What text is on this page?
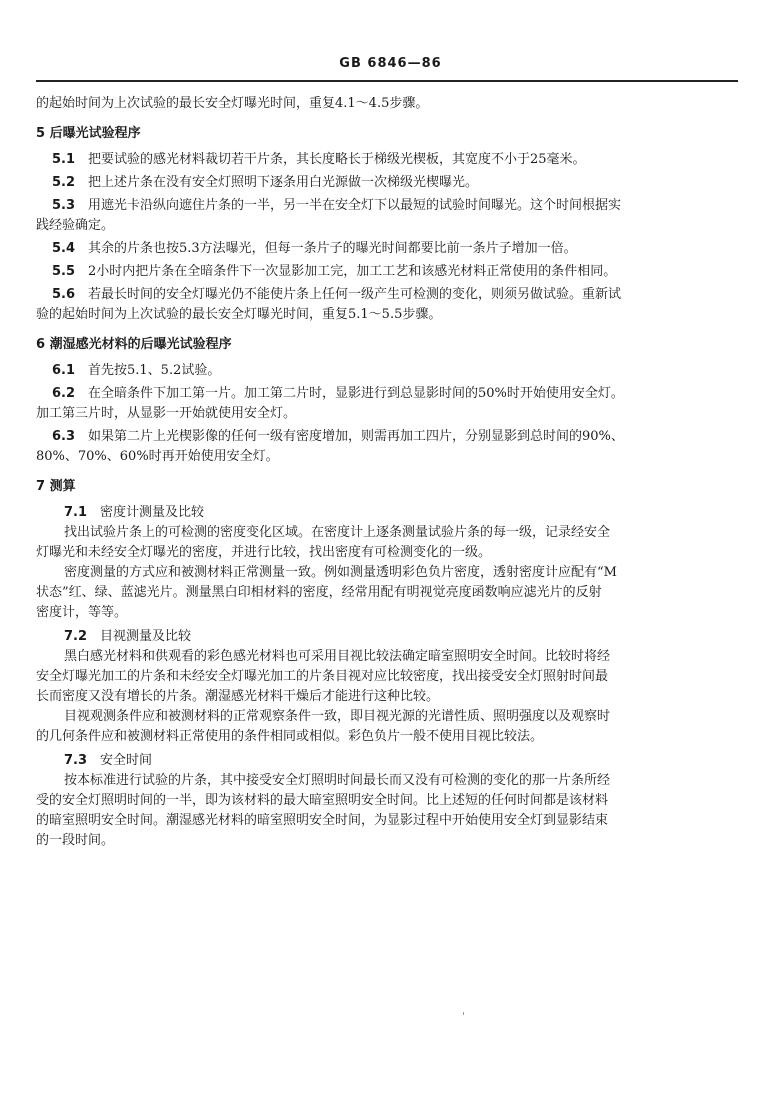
GB 6846—86
的起始时间为上次试验的最长安全灯曝光时间，重复4.1～4.5步骤。
5 后曝光试验程序
5.1 把要试验的感光材料裁切若干片条，其长度略长于梯级光楔板，其宽度不小于25毫米。
5.2 把上述片条在没有安全灯照明下逐条用白光源做一次梯级光楔曝光。
5.3 用遮光卡沿纵向遮住片条的一半，另一半在安全灯下以最短的试验时间曝光。这个时间根据实
践经验确定。
5.4 其余的片条也按5.3方法曝光，但每一条片子的曝光时间都要比前一条片子增加一倍。
5.5 2小时内把片条在全暗条件下一次显影加工完，加工工艺和该感光材料正常使用的条件相同。
5.6 若最长时间的安全灯曝光仍不能使片条上任何一级产生可检测的变化，则须另做试验。重新试
验的起始时间为上次试验的最长安全灯曝光时间，重复5.1～5.5步骤。
6 潮湿感光材料的后曝光试验程序
6.1 首先按5.1、5.2试验。
6.2 在全暗条件下加工第一片。加工第二片时，显影进行到总显影时间的50%时开始使用安全灯。
加工第三片时，从显影一开始就使用安全灯。
6.3 如果第二片上光楔影像的任何一级有密度增加，则需再加工四片，分别显影到总时间的90%、
80%、70%、60%时再开始使用安全灯。
7 测算
7.1 密度计测量及比较
找出试验片条上的可检测的密度变化区域。在密度计上逐条测量试验片条的每一级，记录经安全
灯曝光和未经安全灯曝光的密度，并进行比较，找出密度有可检测变化的一级。
密度测量的方式应和被测材料正常测量一致。例如测量透明彩色负片密度，透射密度计应配有“M
状态”红、绿、蓝滤光片。测量黑白印相材料的密度，经常用配有明视觉亮度函数响应滤光片的反射
密度计，等等。
7.2 目视测量及比较
黑白感光材料和供观看的彩色感光材料也可采用目视比较法确定暗室照明安全时间。比较时将经
安全灯曝光加工的片条和未经安全灯曝光加工的片条目视对应比较密度，找出接受安全灯照射时间最
长而密度又没有增长的片条。潮湿感光材料干燥后才能进行这种比较。
目视观测条件应和被测材料的正常观察条件一致，即目视光源的光谱性质、照明强度以及观察时
的几何条件应和被测材料正常使用的条件相同或相似。彩色负片一般不使用目视比较法。
7.3 安全时间
按本标准进行试验的片条，其中接受安全灯照明时间最长而又没有可检测的变化的那一片条所经
受的安全灯照明时间的一半，即为该材料的最大暗室照明安全时间。比上述短的任何时间都是该材料
的暗室照明安全时间。潮湿感光材料的暗室照明安全时间，为显影过程中开始使用安全灯到显影结束
的一段时间。
